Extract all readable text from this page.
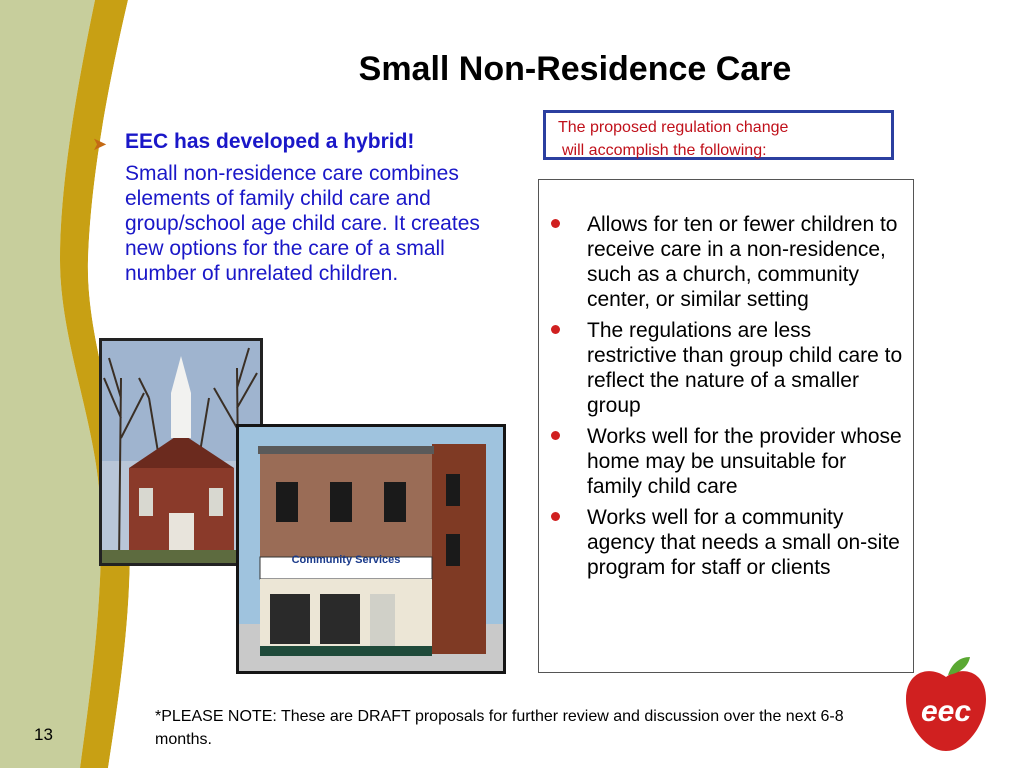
Small Non-Residence Care
➤ EEC has developed a hybrid!
Small non-residence care combines elements of family child care and group/school age child care. It creates new options for the care of a small number of unrelated children.
The proposed regulation change
will accomplish the following:
Allows for ten or fewer children to receive care in a non-residence, such as a church, community center, or similar setting
The regulations are less restrictive than group child care to reflect the nature of a smaller group
Works well for the provider whose home may be unsuitable for family child care
Works well for a community agency that needs a small on-site program for staff or clients
Community Services
*PLEASE NOTE: These are DRAFT proposals for further review and discussion over the next 6-8 months.
13
eec
